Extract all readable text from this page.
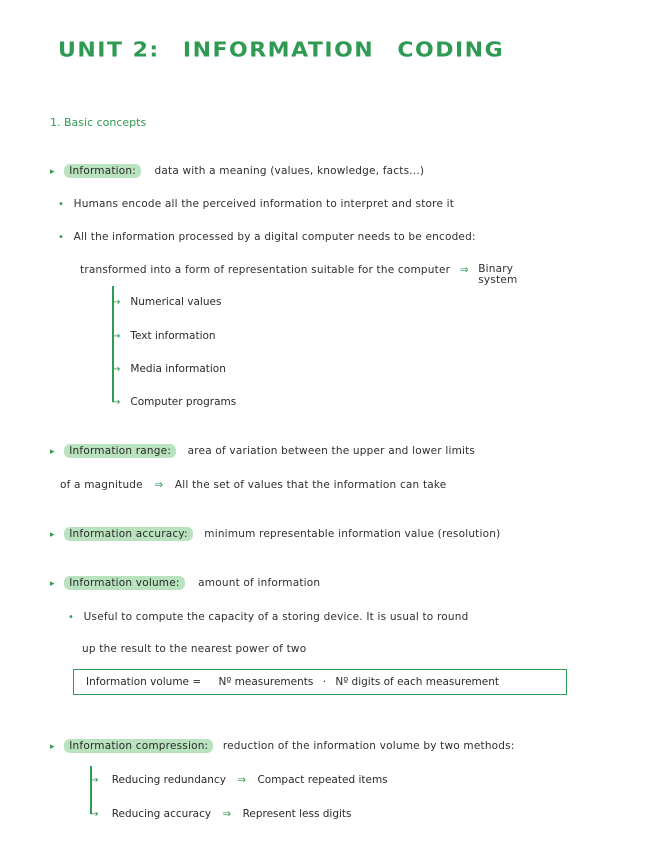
UNIT 2: INFORMATION CODING
1. Basic concepts
▸ Information: data with a meaning (values, knowledge, facts...)
• Humans encode all the perceived information to interpret and store it
• All the information processed by a digital computer needs to be encoded:
transformed into a form of representation suitable for the computer ⇒ Binary system
→ Numerical values
→ Text information
→ Media information
→ Computer programs
▸ Information range: area of variation between the upper and lower limits
of a magnitude ⇒ All the set of values that the information can take
▸ Information accuracy: minimum representable information value (resolution)
▸ Information volume: amount of information
• Useful to compute the capacity of a storing device. It is usual to round
up the result to the nearest power of two
Information volume = Nº measurements · Nº digits of each measurement
▸ Information compression: reduction of the information volume by two methods:
→ Reducing redundancy ⇒ Compact repeated items
→ Reducing accuracy ⇒ Represent less digits
